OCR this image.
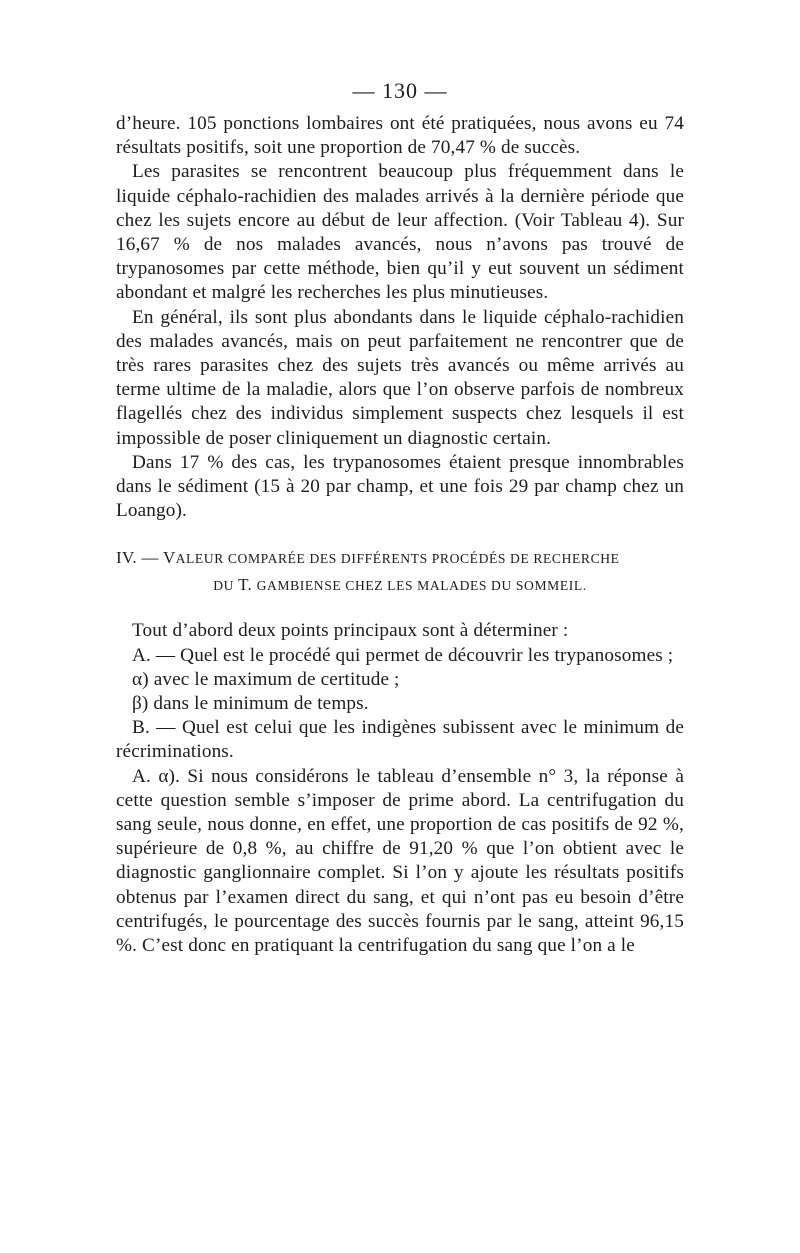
— 130 —

d’heure. 105 ponctions lombaires ont été pratiquées, nous avons eu 74 résultats positifs, soit une proportion de 70,47 % de succès.

Les parasites se rencontrent beaucoup plus fréquemment dans le liquide céphalo-rachidien des malades arrivés à la dernière période que chez les sujets encore au début de leur affection. (Voir Tableau 4). Sur 16,67 % de nos malades avancés, nous n’avons pas trouvé de trypanosomes par cette méthode, bien qu’il y eut souvent un sédiment abondant et malgré les recherches les plus minutieuses.

En général, ils sont plus abondants dans le liquide céphalo-rachidien des malades avancés, mais on peut parfaitement ne rencontrer que de très rares parasites chez des sujets très avancés ou même arrivés au terme ultime de la maladie, alors que l’on observe parfois de nombreux flagellés chez des individus simplement suspects chez lesquels il est impossible de poser cliniquement un diagnostic certain.

Dans 17 % des cas, les trypanosomes étaient presque innombrables dans le sédiment (15 à 20 par champ, et une fois 29 par champ chez un Loango).

IV. — VALEUR COMPARÉE DES DIFFÉRENTS PROCÉDÉS DE RECHERCHE
DU T. GAMBIENSE CHEZ LES MALADES DU SOMMEIL.

Tout d’abord deux points principaux sont à déterminer :

A. — Quel est le procédé qui permet de découvrir les trypanosomes ;

α) avec le maximum de certitude ;

β) dans le minimum de temps.

B. — Quel est celui que les indigènes subissent avec le minimum de récriminations.

A. α). Si nous considérons le tableau d’ensemble n° 3, la réponse à cette question semble s’imposer de prime abord. La centrifugation du sang seule, nous donne, en effet, une proportion de cas positifs de 92 %, supérieure de 0,8 %, au chiffre de 91,20 % que l’on obtient avec le diagnostic ganglionnaire complet. Si l’on y ajoute les résultats positifs obtenus par l’examen direct du sang, et qui n’ont pas eu besoin d’être centrifugés, le pourcentage des succès fournis par le sang, atteint 96,15 %. C’est donc en pratiquant la centrifugation du sang que l’on a le
